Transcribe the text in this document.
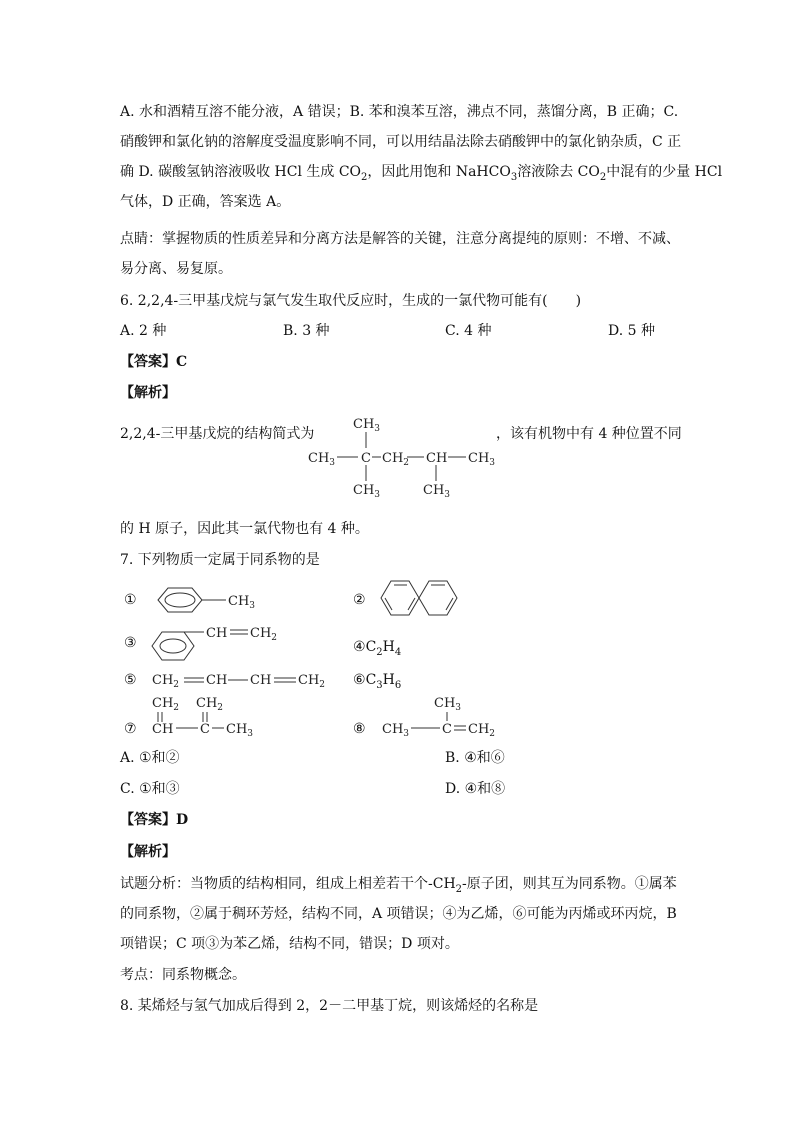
A. 水和酒精互溶不能分液，A 错误；B. 苯和溴苯互溶，沸点不同，蒸馏分离，B 正确；C.
硝酸钾和氯化钠的溶解度受温度影响不同，可以用结晶法除去硝酸钾中的氯化钠杂质，C 正
确 D. 碳酸氢钠溶液吸收 HCl 生成 $CO_2$，因此用饱和 NaHCO$_3$溶液除去 $CO_2$中混有的少量 HCl
气体，D 正确，答案选 A。
点睛：掌握物质的性质差异和分离方法是解答的关键，注意分离提纯的原则：不增、不减、
易分离、易复原。
6. 2,2,4-三甲基戊烷与氯气发生取代反应时，生成的一氯代物可能有(　　)
A. 2 种	B. 3 种	C. 4 种	D. 5 种
【答案】C
【解析】
2,2,4-三甲基戊烷的结构简式为
$CH_3$
$CH_3$ C $CH_2$ CH $CH_3$
$CH_3$	$CH_3$
，该有机物中有 4 种位置不同
的 H 原子，因此其一氯代物也有 4 种。
7. 下列物质一定属于同系物的是
①	$CH_3$	②
③
CH $CH_2$
$④C_2H_4$
⑤ $CH_2$ CH CH $CH_2$ $⑥C_3H_6$
⑦
$CH_2$ $CH_2$
CH C $CH_3$	⑧
$CH_3$
$CH_3$	C $CH_2$
A. ①和②	B. ④和⑥
C. ①和③	D. ④和⑧
【答案】D
【解析】
试题分析：当物质的结构相同，组成上相差若干个$-CH_2-$原子团，则其互为同系物。①属苯
的同系物，②属于稠环芳烃，结构不同，A 项错误；④为乙烯，⑥可能为丙烯或环丙烷，B
项错误；C 项③为苯乙烯，结构不同，错误；D 项对。
考点：同系物概念。
8. 某烯烃与氢气加成后得到 2，2－二甲基丁烷，则该烯烃的名称是
